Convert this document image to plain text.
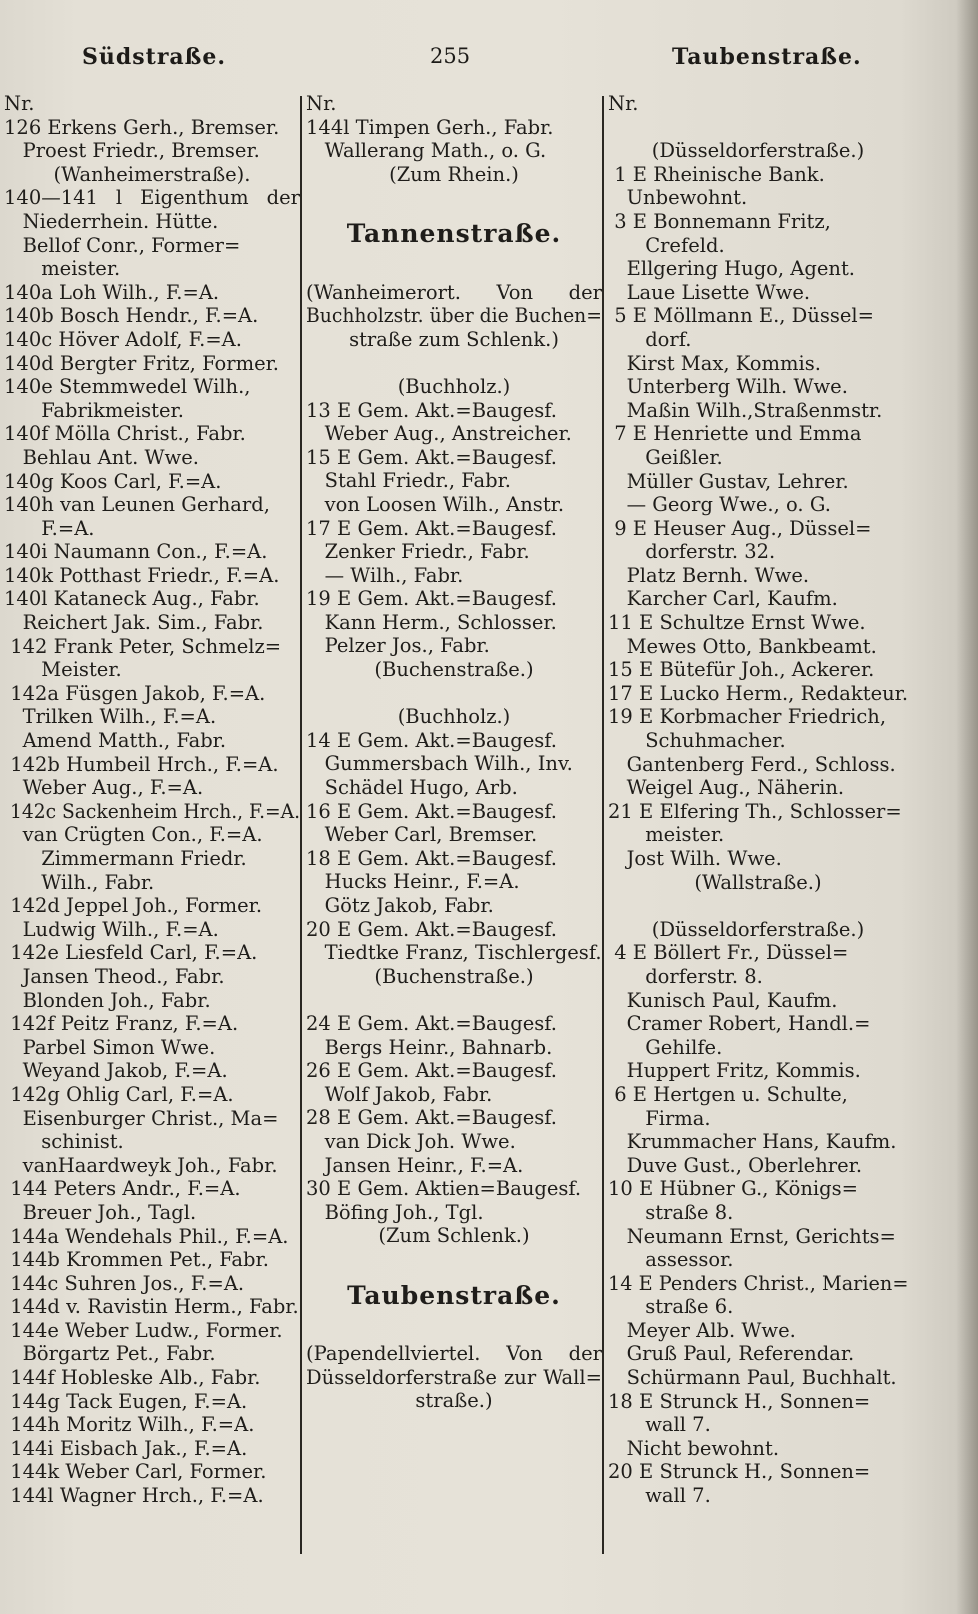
Südstraße.	255	Taubenstraße.
Nr.
126 Erkens Gerh., Bremser.
Proest Friedr., Bremser.
(Wanheimerstraße).
140—141 l Eigenthum der
Niederrhein. Hütte.
Bellof Conr., Former=
meister.
140a Loh Wilh., F.=A.
140b Bosch Hendr., F.=A.
140c Höver Adolf, F.=A.
140d Bergter Fritz, Former.
140e Stemmwedel Wilh.,
Fabrikmeister.
140f Mölla Christ., Fabr.
Behlau Ant. Wwe.
140g Koos Carl, F.=A.
140h van Leunen Gerhard,
F.=A.
140i Naumann Con., F.=A.
140k Potthast Friedr., F.=A.
140l Kataneck Aug., Fabr.
Reichert Jak. Sim., Fabr.
142 Frank Peter, Schmelz=
Meister.
142a Füsgen Jakob, F.=A.
Trilken Wilh., F.=A.
Amend Matth., Fabr.
142b Humbeil Hrch., F.=A.
Weber Aug., F.=A.
142c Sackenheim Hrch., F.=A.
van Crügten Con., F.=A.
Zimmermann Friedr.
Wilh., Fabr.
142d Jeppel Joh., Former.
Ludwig Wilh., F.=A.
142e Liesfeld Carl, F.=A.
Jansen Theod., Fabr.
Blonden Joh., Fabr.
142f Peitz Franz, F.=A.
Parbel Simon Wwe.
Weyand Jakob, F.=A.
142g Ohlig Carl, F.=A.
Eisenburger Christ., Ma=
schinist.
vanHaardweyk Joh., Fabr.
144 Peters Andr., F.=A.
Breuer Joh., Tagl.
144a Wendehals Phil., F.=A.
144b Krommen Pet., Fabr.
144c Suhren Jos., F.=A.
144d v. Ravistin Herm., Fabr.
144e Weber Ludw., Former.
Börgartz Pet., Fabr.
144f Hobleske Alb., Fabr.
144g Tack Eugen, F.=A.
144h Moritz Wilh., F.=A.
144i Eisbach Jak., F.=A.
144k Weber Carl, Former.
144l Wagner Hrch., F.=A.
Nr.
144l Timpen Gerh., Fabr.
Wallerang Math., o. G.
(Zum Rhein.)
Tannenstraße.
(Wanheimerort. Von der
Buchholzstr. über die Buchen=
straße zum Schlenk.)
(Buchholz.)
13 E Gem. Akt.=Baugesf.
Weber Aug., Anstreicher.
15 E Gem. Akt.=Baugesf.
Stahl Friedr., Fabr.
von Loosen Wilh., Anstr.
17 E Gem. Akt.=Baugesf.
Zenker Friedr., Fabr.
— Wilh., Fabr.
19 E Gem. Akt.=Baugesf.
Kann Herm., Schlosser.
Pelzer Jos., Fabr.
(Buchenstraße.)
(Buchholz.)
14 E Gem. Akt.=Baugesf.
Gummersbach Wilh., Inv.
Schädel Hugo, Arb.
16 E Gem. Akt.=Baugesf.
Weber Carl, Bremser.
18 E Gem. Akt.=Baugesf.
Hucks Heinr., F.=A.
Götz Jakob, Fabr.
20 E Gem. Akt.=Baugesf.
Tiedtke Franz, Tischlergesf.
(Buchenstraße.)
24 E Gem. Akt.=Baugesf.
Bergs Heinr., Bahnarb.
26 E Gem. Akt.=Baugesf.
Wolf Jakob, Fabr.
28 E Gem. Akt.=Baugesf.
van Dick Joh. Wwe.
Jansen Heinr., F.=A.
30 E Gem. Aktien=Baugesf.
Böfing Joh., Tgl.
(Zum Schlenk.)
Taubenstraße.
(Papendellviertel. Von der
Düsseldorferstraße zur Wall=
straße.)
Nr.
(Düsseldorferstraße.)
1 E Rheinische Bank.
Unbewohnt.
3 E Bonnemann Fritz,
Crefeld.
Ellgering Hugo, Agent.
Laue Lisette Wwe.
5 E Möllmann E., Düssel=
dorf.
Kirst Max, Kommis.
Unterberg Wilh. Wwe.
Maßin Wilh.,Straßenmstr.
7 E Henriette und Emma
Geißler.
Müller Gustav, Lehrer.
— Georg Wwe., o. G.
9 E Heuser Aug., Düssel=
dorferstr. 32.
Platz Bernh. Wwe.
Karcher Carl, Kaufm.
11 E Schultze Ernst Wwe.
Mewes Otto, Bankbeamt.
15 E Bütefür Joh., Ackerer.
17 E Lucko Herm., Redakteur.
19 E Korbmacher Friedrich,
Schuhmacher.
Gantenberg Ferd., Schloss.
Weigel Aug., Näherin.
21 E Elfering Th., Schlosser=
meister.
Jost Wilh. Wwe.
(Wallstraße.)
(Düsseldorferstraße.)
4 E Böllert Fr., Düssel=
dorferstr. 8.
Kunisch Paul, Kaufm.
Cramer Robert, Handl.=
Gehilfe.
Huppert Fritz, Kommis.
6 E Hertgen u. Schulte,
Firma.
Krummacher Hans, Kaufm.
Duve Gust., Oberlehrer.
10 E Hübner G., Königs=
straße 8.
Neumann Ernst, Gerichts=
assessor.
14 E Penders Christ., Marien=
straße 6.
Meyer Alb. Wwe.
Gruß Paul, Referendar.
Schürmann Paul, Buchhalt.
18 E Strunck H., Sonnen=
wall 7.
Nicht bewohnt.
20 E Strunck H., Sonnen=
wall 7.
